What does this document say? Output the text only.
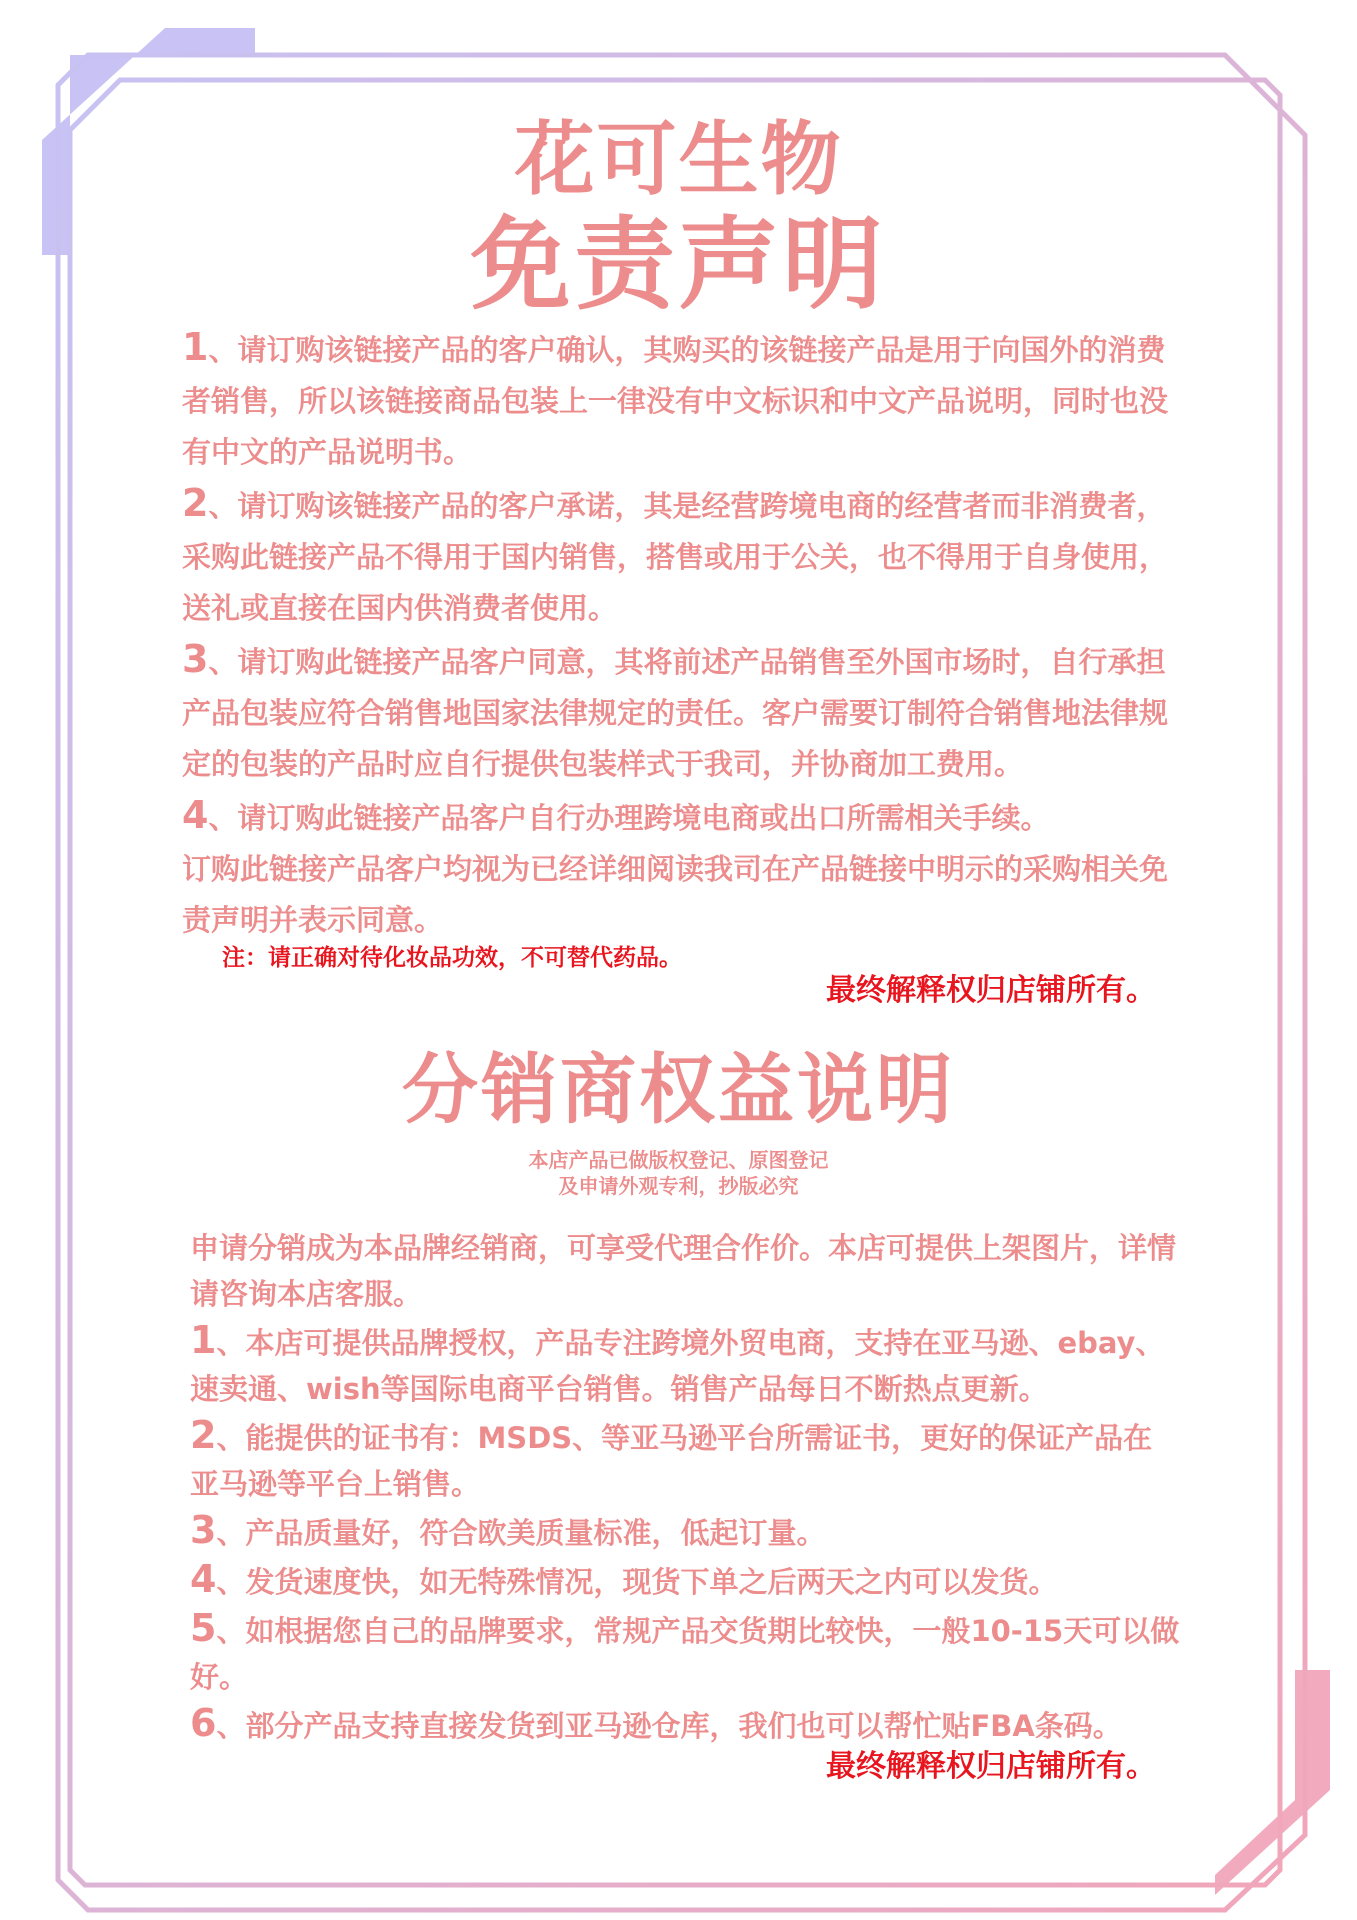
花可生物
免责声明

1、请订购该链接产品的客户确认，其购买的该链接产品是用于向国外的消费者销售，所以该链接商品包装上一律没有中文标识和中文产品说明，同时也没有中文的产品说明书。

2、请订购该链接产品的客户承诺，其是经营跨境电商的经营者而非消费者，采购此链接产品不得用于国内销售，搭售或用于公关，也不得用于自身使用，送礼或直接在国内供消费者使用。

3、请订购此链接产品客户同意，其将前述产品销售至外国市场时，自行承担产品包装应符合销售地国家法律规定的责任。客户需要订制符合销售地法律规定的包装的产品时应自行提供包装样式于我司，并协商加工费用。

4、请订购此链接产品客户自行办理跨境电商或出口所需相关手续。

订购此链接产品客户均视为已经详细阅读我司在产品链接中明示的采购相关免责声明并表示同意。

注：请正确对待化妆品功效，不可替代药品。
最终解释权归店铺所有。
分销商权益说明
本店产品已做版权登记、原图登记
及申请外观专利，抄版必究

申请分销成为本品牌经销商，可享受代理合作价。本店可提供上架图片，详情请咨询本店客服。

1、本店可提供品牌授权，产品专注跨境外贸电商，支持在亚马逊、ebay、速卖通、wish等国际电商平台销售。销售产品每日不断热点更新。

2、能提供的证书有：MSDS、等亚马逊平台所需证书，更好的保证产品在亚马逊等平台上销售。

3、产品质量好，符合欧美质量标准，低起订量。

4、发货速度快，如无特殊情况，现货下单之后两天之内可以发货。

5、如根据您自己的品牌要求，常规产品交货期比较快，一般10-15天可以做好。

6、部分产品支持直接发货到亚马逊仓库，我们也可以帮忙贴FBA条码。

最终解释权归店铺所有。
